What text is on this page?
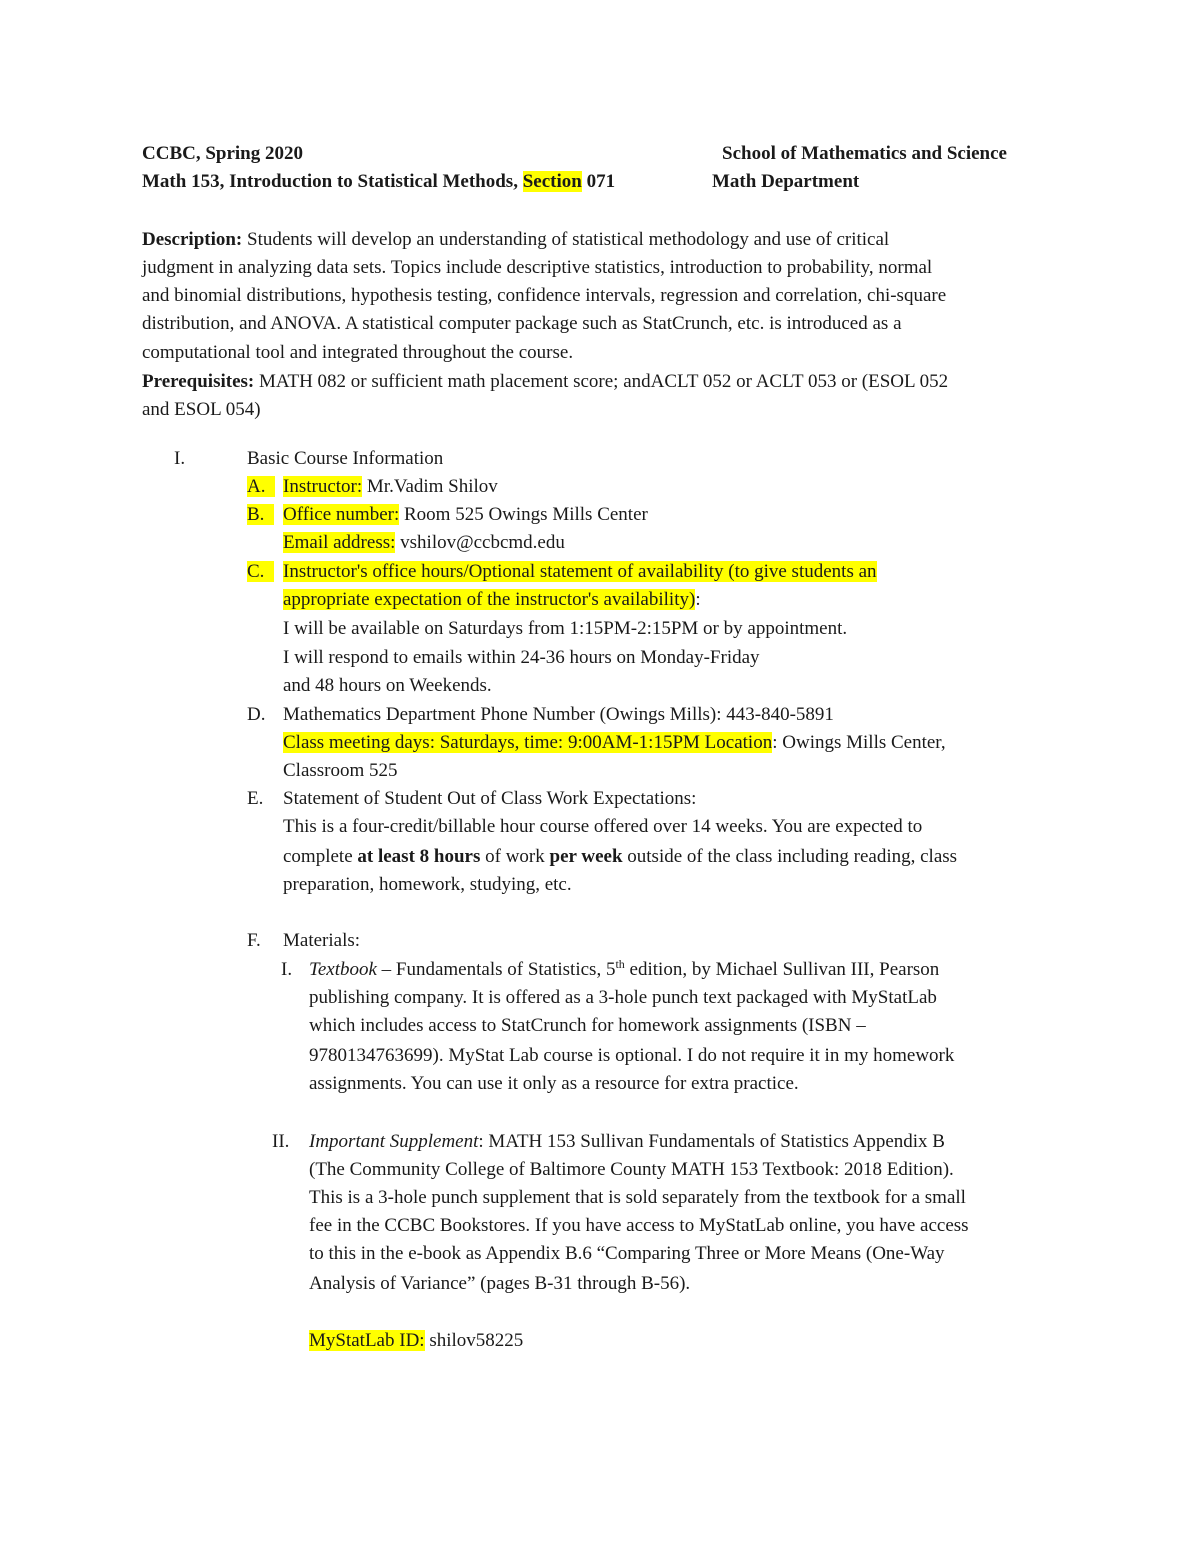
CCBC, Spring 2020	School of Mathematics and Science
Math 153, Introduction to Statistical Methods, Section 071	Math Department
Description: Students will develop an understanding of statistical methodology and use of critical
judgment in analyzing data sets. Topics include descriptive statistics, introduction to probability, normal
and binomial distributions, hypothesis testing, confidence intervals, regression and correlation, chi-square
distribution, and ANOVA. A statistical computer package such as StatCrunch, etc. is introduced as a
computational tool and integrated throughout the course.
Prerequisites: MATH 082 or sufficient math placement score; andACLT 052 or ACLT 053 or (ESOL 052
and ESOL 054)
I.	Basic Course Information
A. Instructor: Mr.Vadim Shilov
B. Office number: Room 525 Owings Mills Center
Email address: vshilov@ccbcmd.edu
C. Instructor's office hours/Optional statement of availability (to give students an
appropriate expectation of the instructor's availability):
I will be available on Saturdays from 1:15PM-2:15PM or by appointment.
I will respond to emails within 24-36 hours on Monday-Friday
and 48 hours on Weekends.
D. Mathematics Department Phone Number (Owings Mills): 443-840-5891
Class meeting days: Saturdays, time: 9:00AM-1:15PM Location: Owings Mills Center,
Classroom 525
E. Statement of Student Out of Class Work Expectations:
This is a four-credit/billable hour course offered over 14 weeks. You are expected to
complete at least 8 hours of work per week outside of the class including reading, class
preparation, homework, studying, etc.
F. Materials:
I. Textbook – Fundamentals of Statistics, 5th edition, by Michael Sullivan III, Pearson
publishing company. It is offered as a 3-hole punch text packaged with MyStatLab
which includes access to StatCrunch for homework assignments (ISBN –
9780134763699). MyStat Lab course is optional. I do not require it in my homework
assignments. You can use it only as a resource for extra practice.
II. Important Supplement: MATH 153 Sullivan Fundamentals of Statistics Appendix B
(The Community College of Baltimore County MATH 153 Textbook: 2018 Edition).
This is a 3-hole punch supplement that is sold separately from the textbook for a small
fee in the CCBC Bookstores. If you have access to MyStatLab online, you have access
to this in the e-book as Appendix B.6 “Comparing Three or More Means (One-Way
Analysis of Variance” (pages B-31 through B-56).
MyStatLab ID: shilov58225
